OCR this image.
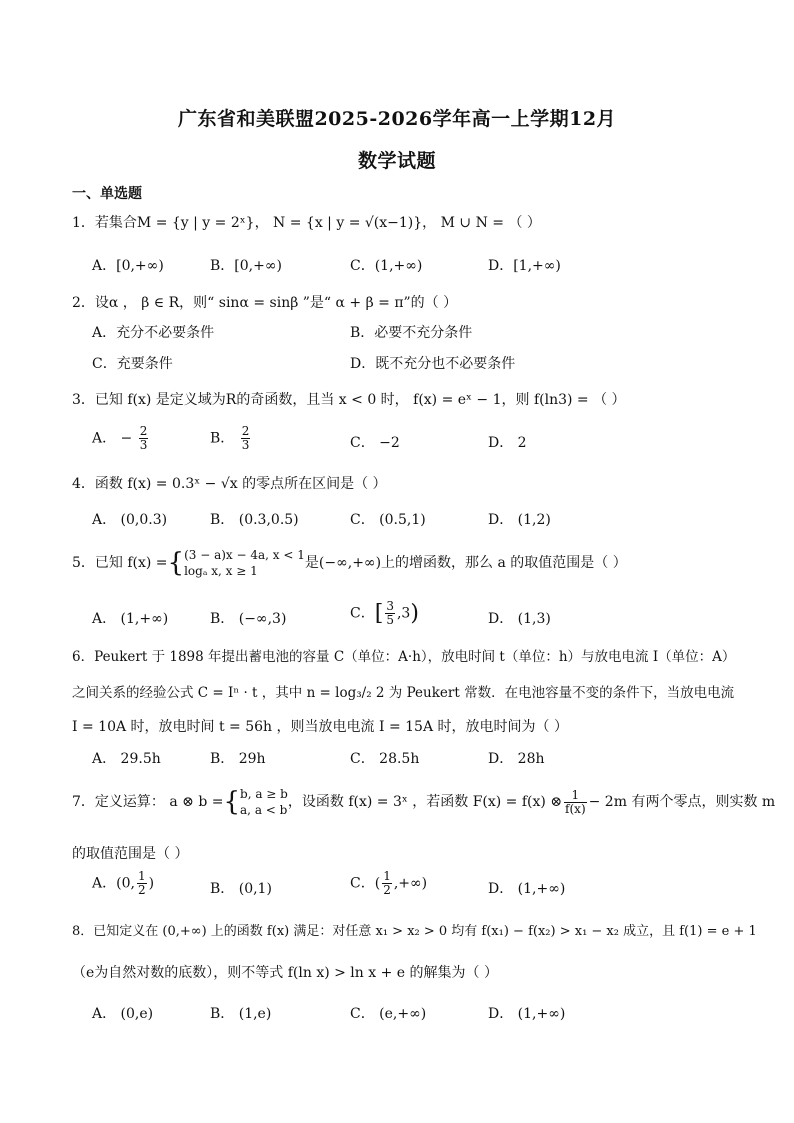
广东省和美联盟2025-2026学年高一上学期12月
数学试题
一、单选题
1．若集合M = {y | y = 2ˣ}， N = {x | y = √(x−1)}， M ∪ N = （ ）
A．[0,+∞)	B．[0,+∞)	C．(1,+∞)	D．[1,+∞)
2．设α ， β ∈ R，则“ sinα = sinβ ”是“ α + β = π”的（ ）
A．充分不必要条件	B．必要不充分条件
C．充要条件	D．既不充分也不必要条件
3．已知 f(x) 是定义域为R的奇函数，且当 x < 0 时， f(x) = eˣ − 1，则 f(ln3) = （ ）
A． − $\frac{2}{3}$	B． $\frac{2}{3}$	C． −2	D． 2
4．函数 f(x) = 0.3ˣ − √x 的零点所在区间是（ ）
A． (0,0.3)	B． (0.3,0.5)	C． (0.5,1)	D． (1,2)
5．已知 f(x) ={ (3 − a)x − 4a, x < 1
logₐ x, x ≥ 1	是(−∞,+∞)上的增函数，那么 a 的取值范围是（ ）
A． (1,+∞)	B． (−∞,3)	C．[ $\frac{3}{5} ,3$)	D． (1,3)
6．Peukert 于 1898 年提出蓄电池的容量 C（单位：A·h），放电时间 t（单位：h）与放电电流 I（单位：A）
之间关系的经验公式 C = Iⁿ · t ，其中 n = log₃/₂ 2 为 Peukert 常数．在电池容量不变的条件下，当放电电流
I = 10A 时，放电时间 t = 56h ，则当放电电流 I = 15A 时，放电时间为（ ）
A． 29.5h	B． 29h	C． 28.5h	D． 28h
7．定义运算： a ⊗ b ={ b, a ≥ b
a, a < b ，设函数 f(x) = 3ˣ ，若函数 F(x) = f(x) ⊗ $\frac{1}{f(x)} - 2m$ 有两个零点，则实数 m
的取值范围是（ ）
A．(0, $\frac{1}{2}$ )	B． (0,1)	C．( $\frac{1}{2}$ ,+∞)	D． (1,+∞)
8．已知定义在 (0,+∞) 上的函数 f(x) 满足：对任意 x₁ > x₂ > 0 均有 f(x₁) − f(x₂) > x₁ − x₂ 成立，且 f(1) = e + 1
（e为自然对数的底数），则不等式 f(ln x) > ln x + e 的解集为（ ）
A． (0,e)	B． (1,e)	C． (e,+∞)	D． (1,+∞)
